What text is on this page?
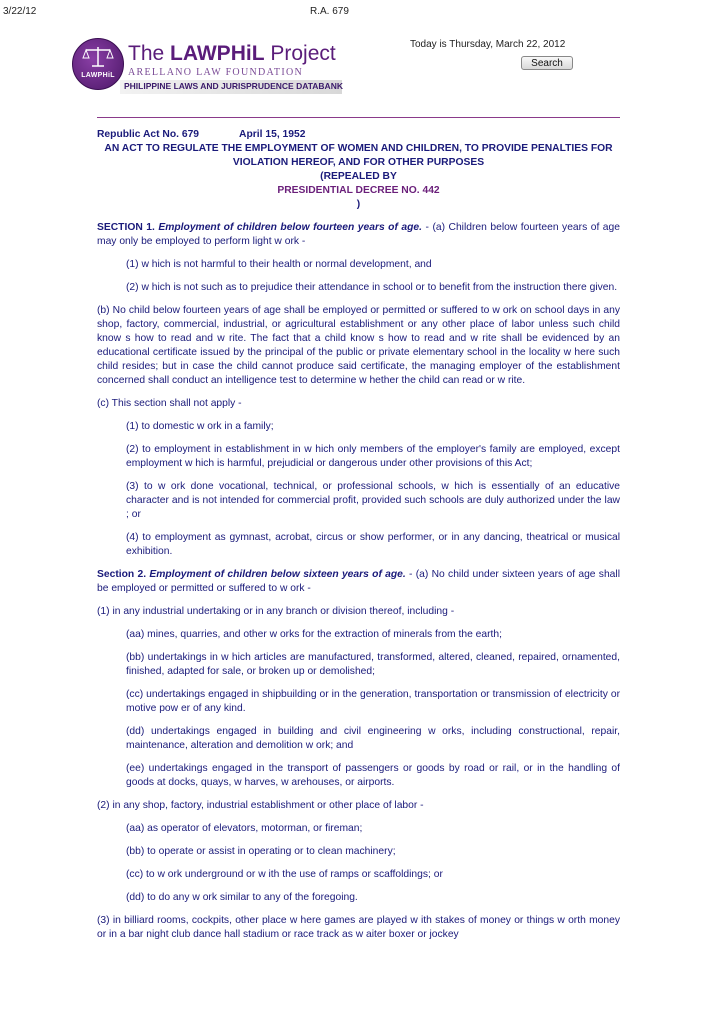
3/22/12	R.A. 679
LAWPHiL
The LAWPHiL Project
ARELLANO LAW FOUNDATION
PHILIPPINE LAWS AND JURISPRUDENCE DATABANK
Today is Thursday, March 22, 2012
Search

Republic Act No. 679	April 15, 1952

AN ACT TO REGULATE THE EMPLOYMENT OF WOMEN AND CHILDREN, TO PROVIDE PENALTIES FOR
VIOLATION HEREOF, AND FOR OTHER PURPOSES
(REPEALED BY
PRESIDENTIAL DECREE NO. 442
)

SECTION 1. Employment of children below fourteen years of age. - (a) Children below fourteen years of age may only be employed to perform light w ork -

(1) w hich is not harmful to their health or normal development, and

(2) w hich is not such as to prejudice their attendance in school or to benefit from the instruction there given.

(b) No child below fourteen years of age shall be employed or permitted or suffered to w ork on school days in any shop, factory, commercial, industrial, or agricultural establishment or any other place of labor unless such child know s how to read and w rite. The fact that a child know s how to read and w rite shall be evidenced by an educational certificate issued by the principal of the public or private elementary school in the locality w here such child resides; but in case the child cannot produce said certificate, the managing employer of the establishment concerned shall conduct an intelligence test to determine w hether the child can read or w rite.

(c) This section shall not apply -

(1) to domestic w ork in a family;

(2) to employment in establishment in w hich only members of the employer's family are employed, except employment w hich is harmful, prejudicial or dangerous under other provisions of this Act;

(3) to w ork done vocational, technical, or professional schools, w hich is essentially of an educative character and is not intended for commercial profit, provided such schools are duly authorized under the law ; or

(4) to employment as gymnast, acrobat, circus or show performer, or in any dancing, theatrical or musical exhibition.

Section 2. Employment of children below sixteen years of age. - (a) No child under sixteen years of age shall be employed or permitted or suffered to w ork -

(1) in any industrial undertaking or in any branch or division thereof, including -

(aa) mines, quarries, and other w orks for the extraction of minerals from the earth;

(bb) undertakings in w hich articles are manufactured, transformed, altered, cleaned, repaired, ornamented, finished, adapted for sale, or broken up or demolished;

(cc) undertakings engaged in shipbuilding or in the generation, transportation or transmission of electricity or motive pow er of any kind.

(dd) undertakings engaged in building and civil engineering w orks, including constructional, repair, maintenance, alteration and demolition w ork; and

(ee) undertakings engaged in the transport of passengers or goods by road or rail, or in the handling of goods at docks, quays, w harves, w arehouses, or airports.

(2) in any shop, factory, industrial establishment or other place of labor -

(aa) as operator of elevators, motorman, or fireman;

(bb) to operate or assist in operating or to clean machinery;

(cc) to w ork underground or w ith the use of ramps or scaffoldings; or

(dd) to do any w ork similar to any of the foregoing.

(3) in billiard rooms, cockpits, other place w here games are played w ith stakes of money or things w orth money or in a bar night club dance hall stadium or race track as w aiter boxer or jockey
